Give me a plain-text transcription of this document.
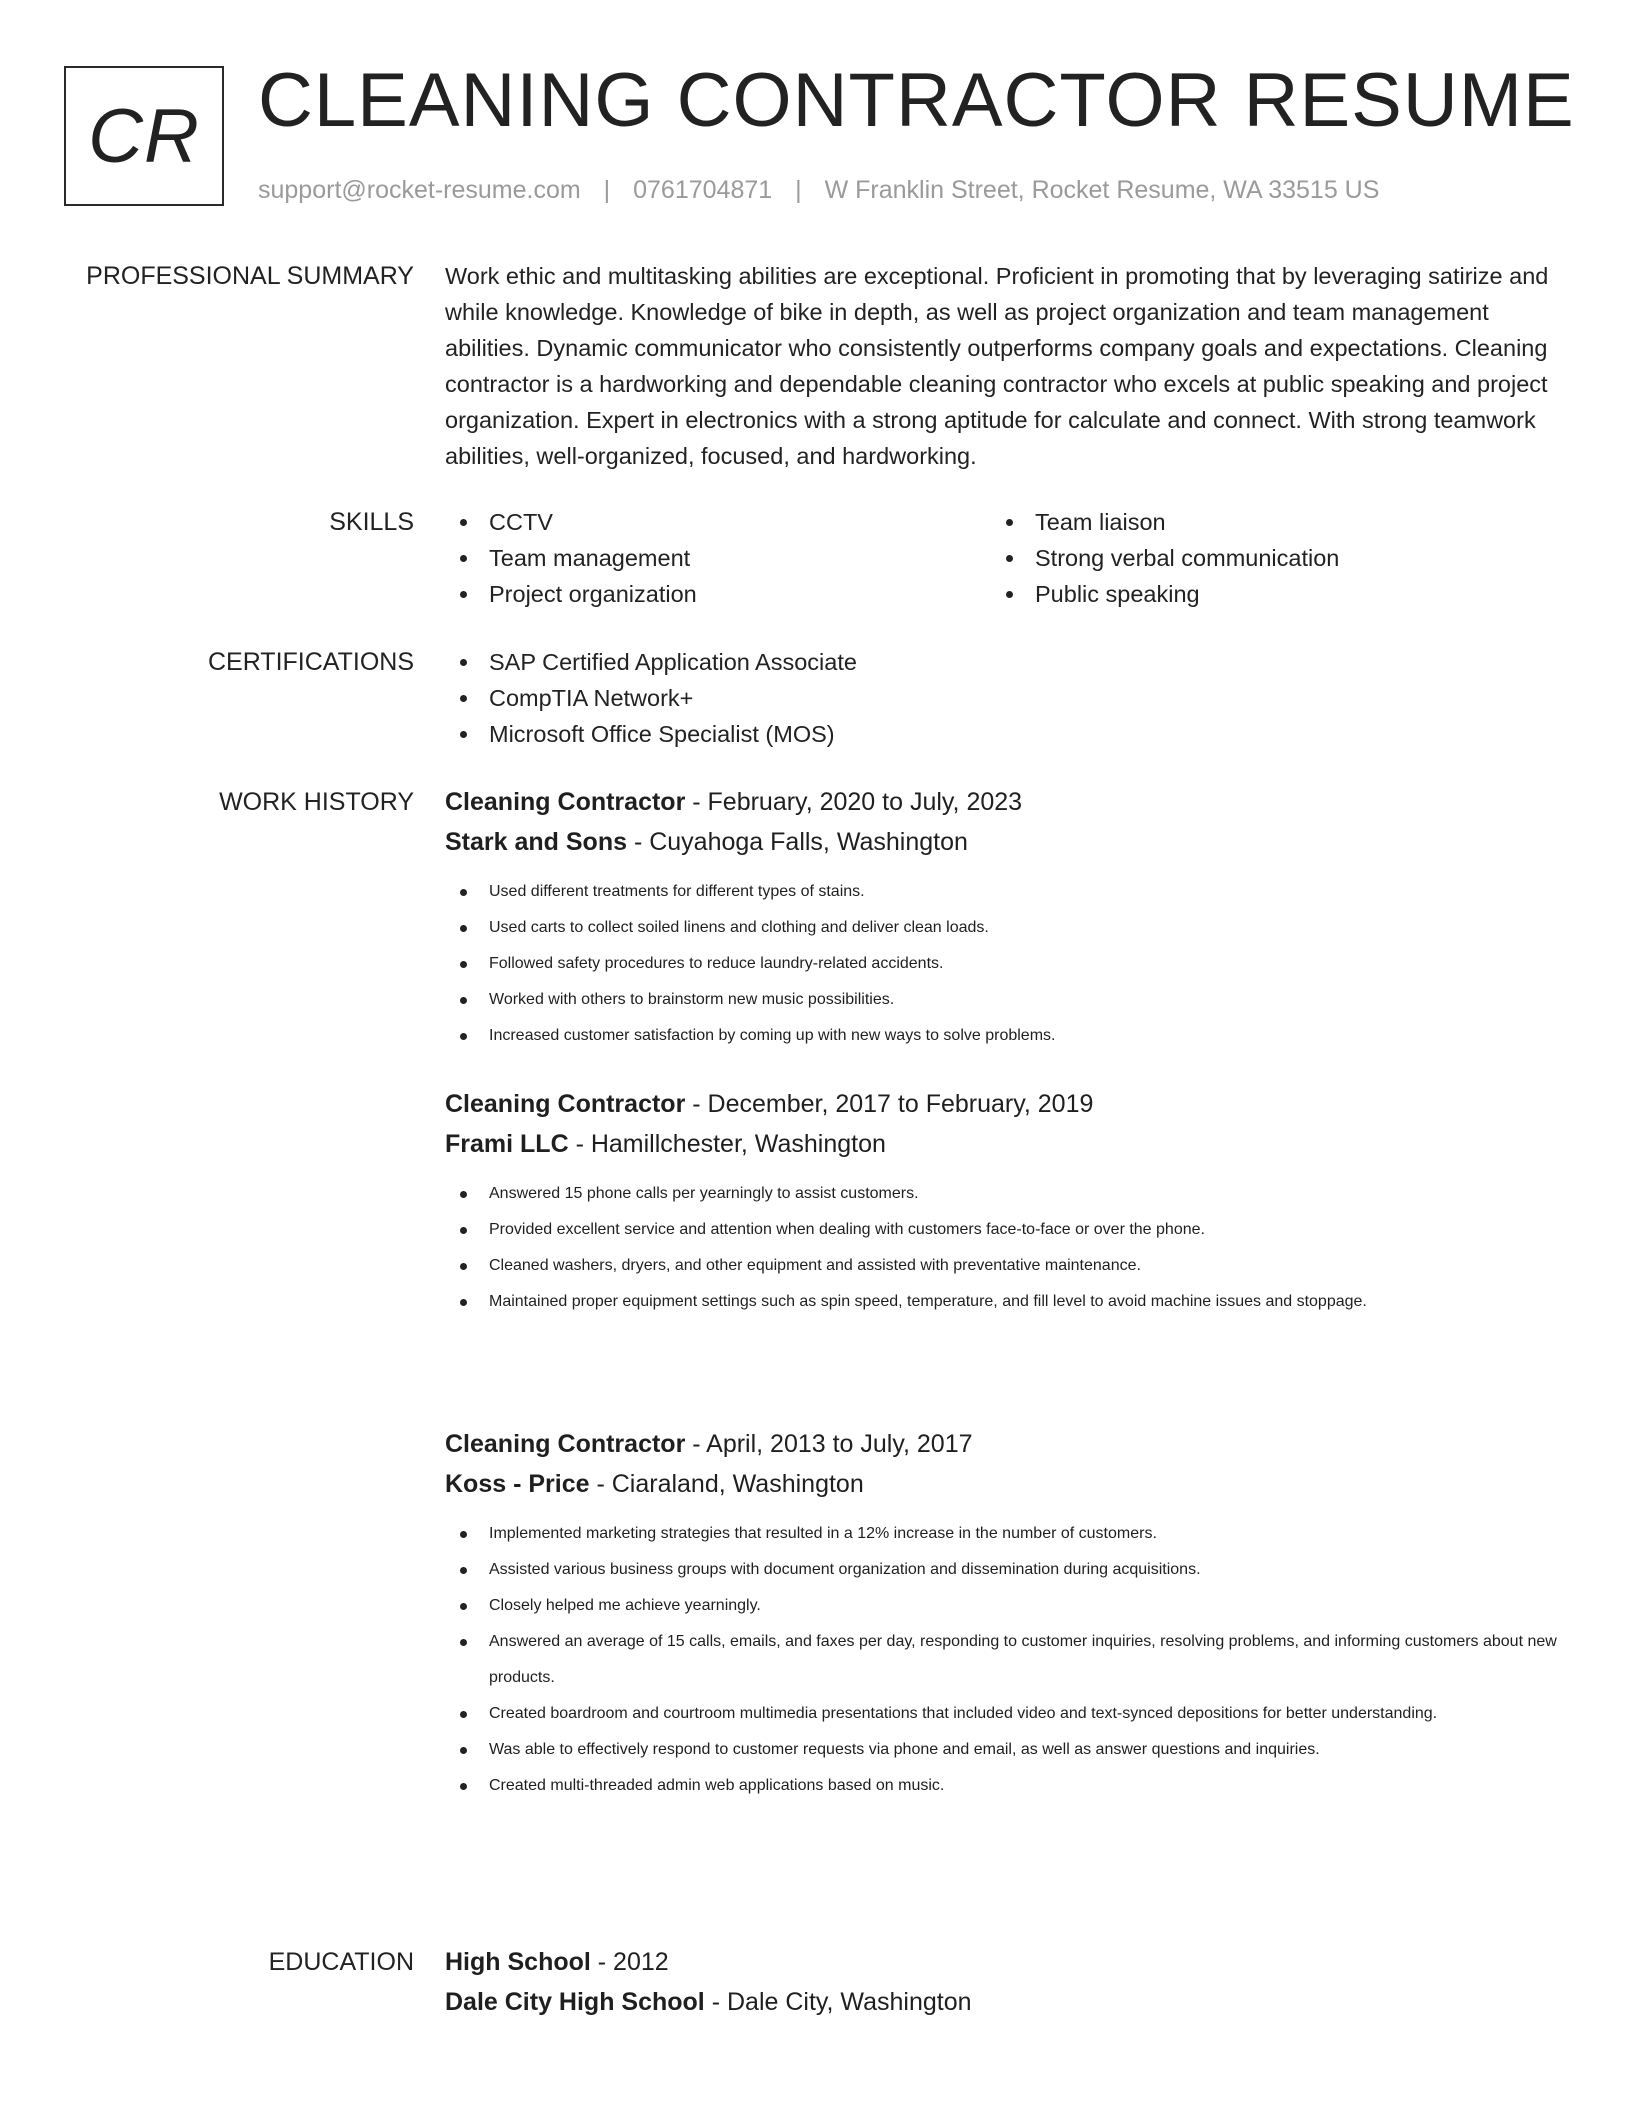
CR CLEANING CONTRACTOR RESUME
support@rocket-resume.com | 0761704871 | W Franklin Street, Rocket Resume, WA 33515 US
PROFESSIONAL SUMMARY Work ethic and multitasking abilities are exceptional. Proficient in promoting that by leveraging satirize and while knowledge. Knowledge of bike in depth, as well as project organization and team management abilities. Dynamic communicator who consistently outperforms company goals and expectations. Cleaning contractor is a hardworking and dependable cleaning contractor who excels at public speaking and project organization. Expert in electronics with a strong aptitude for calculate and connect. With strong teamwork abilities, well-organized, focused, and hardworking.

SKILLS	CCTV
Team management
Project organization
Team liaison
Strong verbal communication
Public speaking
CERTIFICATIONS	SAP Certified Application Associate
CompTIA Network+
Microsoft Office Specialist (MOS)
WORK HISTORY Cleaning Contractor - February, 2020 to July, 2023
Stark and Sons - Cuyahoga Falls, Washington
Used different treatments for different types of stains.
Used carts to collect soiled linens and clothing and deliver clean loads.
Followed safety procedures to reduce laundry-related accidents.
Worked with others to brainstorm new music possibilities.
Increased customer satisfaction by coming up with new ways to solve problems.
Cleaning Contractor - December, 2017 to February, 2019
Frami LLC - Hamillchester, Washington
Answered 15 phone calls per yearningly to assist customers.
Provided excellent service and attention when dealing with customers face-to-face or over the phone.
Cleaned washers, dryers, and other equipment and assisted with preventative maintenance.
Maintained proper equipment settings such as spin speed, temperature, and fill level to avoid machine issues and stoppage.
Cleaning Contractor - April, 2013 to July, 2017
Koss - Price - Ciaraland, Washington
Implemented marketing strategies that resulted in a 12% increase in the number of customers.
Assisted various business groups with document organization and dissemination during acquisitions.
Closely helped me achieve yearningly.
Answered an average of 15 calls, emails, and faxes per day, responding to customer inquiries, resolving problems, and informing customers about new products.
Created boardroom and courtroom multimedia presentations that included video and text-synced depositions for better understanding.
Was able to effectively respond to customer requests via phone and email, as well as answer questions and inquiries.
Created multi-threaded admin web applications based on music.
EDUCATION High School - 2012
Dale City High School - Dale City, Washington
